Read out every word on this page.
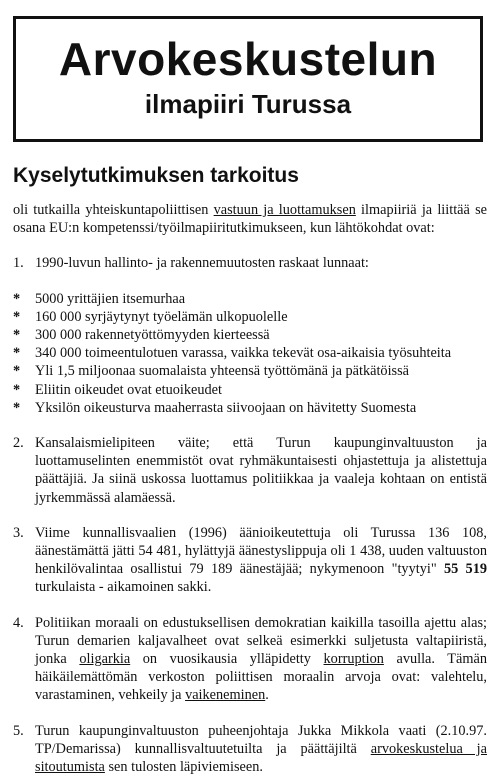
Arvokeskustelun
ilmapiiri Turussa
Kyselytutkimuksen tarkoitus

oli tutkailla yhteiskuntapoliittisen vastuun ja luottamuksen ilmapiiriä ja liittää se osana EU:n kompetenssi/työilmapiiritutkimukseen, kun lähtökohdat ovat:

1. 1990-luvun hallinto- ja rakennemuutosten raskaat lunnaat:
*	5000 yrittäjien itsemurhaa
*	160 000 syrjäytynyt työelämän ulkopuolelle
*	300 000 rakennetyöttömyyden kierteessä
*	340 000 toimeentulotuen varassa, vaikka tekevät osa-aikaisia työsuhteita
*	Yli 1,5 miljoonaa suomalaista yhteensä työttömänä ja pätkätöissä
*	Eliitin oikeudet ovat etuoikeudet
*	Yksilön oikeusturva maaherrasta siivoojaan on hävitetty Suomesta
2. Kansalaismielipiteen väite; että Turun kaupunginvaltuuston ja luottamuselinten enemmistöt ovat ryhmäkuntaisesti ohjastettuja ja alistettuja päättäjiä. Ja siinä uskossa luottamus politiikkaa ja vaaleja kohtaan on entistä jyrkemmässä alamäessä.
3. Viime kunnallisvaalien (1996) äänioikeutettuja oli Turussa 136 108, äänestämättä jätti 54 481, hylättyjä äänestyslippuja oli 1 438, uuden valtuuston henkilövalintaa osallistui 79 189 äänestäjää; nykymenoon "tyytyi" 55 519 turkulaista - aikamoinen sakki.
4. Politiikan moraali on edustuksellisen demokratian kaikilla tasoilla ajettu alas; Turun demarien kaljavalheet ovat selkeä esimerkki suljetusta valtapiiristä, jonka oligarkia on vuosikausia ylläpidetty korruption avulla. Tämän häikäilemättömän verkoston poliittisen moraalin arvoja ovat: valehtelu, varastaminen, vehkeily ja vaikeneminen.
5. Turun kaupunginvaltuuston puheenjohtaja Jukka Mikkola vaati (2.10.97. TP/Demarissa) kunnallisvaltuutetuilta ja päättäjiltä arvokeskustelua ja sitoutumista sen tulosten läpiviemiseen.
